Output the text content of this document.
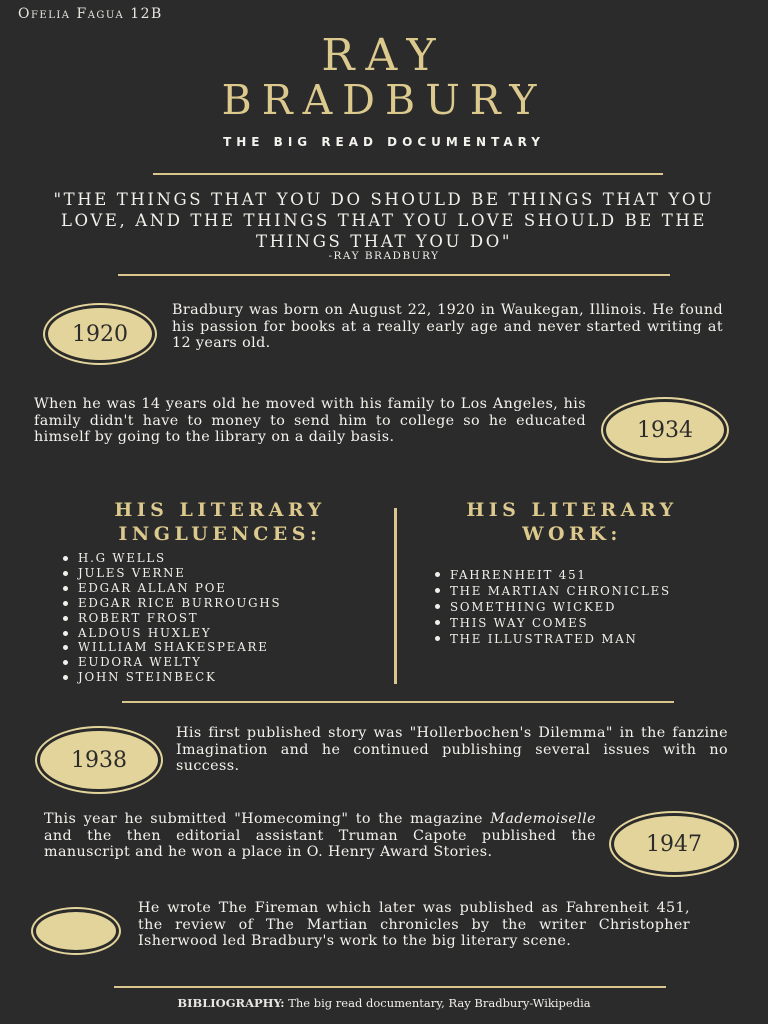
Ofelia Fagua 12B
RAY
BRADBURY
THE BIG READ DOCUMENTARY
"THE THINGS THAT YOU DO SHOULD BE THINGS THAT YOU LOVE, AND THE THINGS THAT YOU LOVE SHOULD BE THE THINGS THAT YOU DO"
-RAY BRADBURY
1920

Bradbury was born on August 22, 1920 in Waukegan, Illinois. He found his passion for books at a really early age and never started writing at 12 years old.

When he was 14 years old he moved with his family to Los Angeles, his family didn't have to money to send him to college so he educated himself by going to the library on a daily basis.	1934
HIS LITERARY INGLUENCES:
H.G WELLS
JULES VERNE
EDGAR ALLAN POE
EDGAR RICE BURROUGHS
ROBERT FROST
ALDOUS HUXLEY
WILLIAM SHAKESPEARE
EUDORA WELTY
JOHN STEINBECK
HIS LITERARY WORK:
FAHRENHEIT 451
THE MARTIAN CHRONICLES
SOMETHING WICKED
THIS WAY COMES
THE ILLUSTRATED MAN
1938

His first published story was "Hollerbochen's Dilemma" in the fanzine Imagination and he continued publishing several issues with no success.

This year he submitted "Homecoming" to the magazine Mademoiselle and the then editorial assistant Truman Capote published the manuscript and he won a place in O. Henry Award Stories.	1947

He wrote The Fireman which later was published as Fahrenheit 451, the review of The Martian chronicles by the writer Christopher Isherwood led Bradbury's work to the big literary scene.

BIBLIOGRAPHY: The big read documentary, Ray Bradbury-Wikipedia
